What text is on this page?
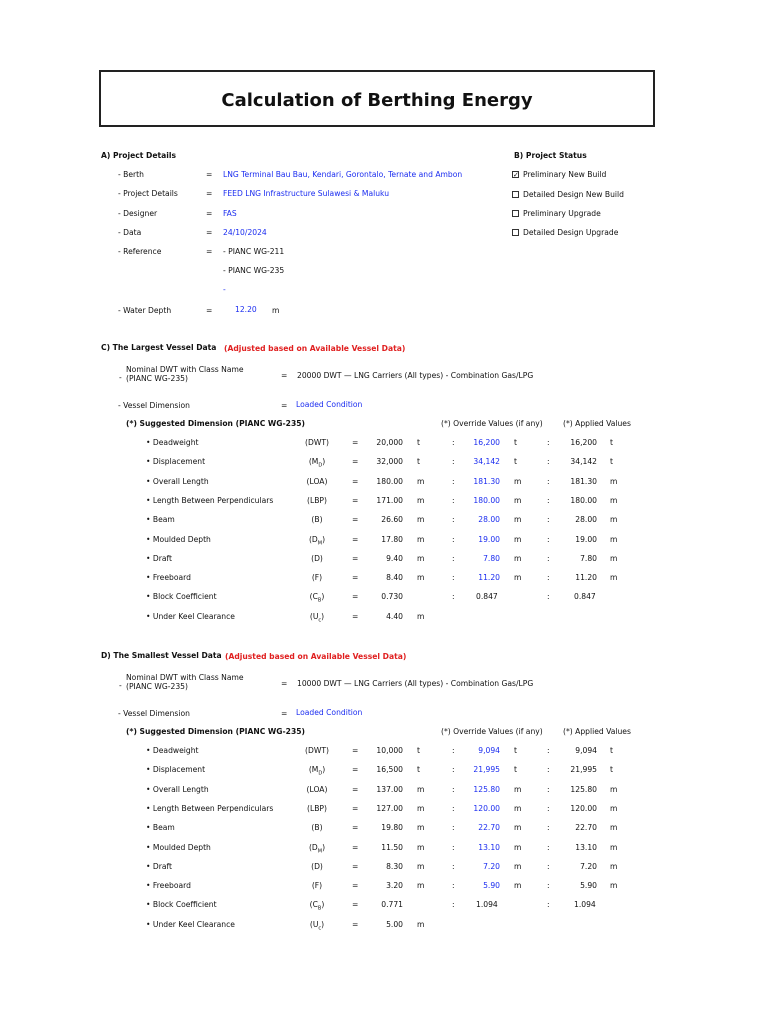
Calculation of Berthing Energy
A) Project Details
- Berth	= LNG Terminal Bau Bau, Kendari, Gorontalo, Ternate and Ambon
- Project Details	= FEED LNG Infrastructure Sulawesi & Maluku
- Designer	= FAS
- Data	= 24/10/2024
- Reference	= - PIANC WG-211
- PIANC WG-235
-
- Water Depth	=	12.20 m
B) Project Status
✓ Preliminary New Build
Detailed Design New Build
Preliminary Upgrade
Detailed Design Upgrade
C) The Largest Vessel Data (Adjusted based on Available Vessel Data)
-
Nominal DWT with Class Name
(PIANC WG-235)	= 20000 DWT — LNG Carriers (All types) - Combination Gas/LPG
- Vessel Dimension	= Loaded Condition
(*) Suggested Dimension (PIANC WG-235)	(*) Override Values (if any)	(*) Applied Values
• Deadweight	(DWT)	=	20,000 t	:	16,200 t	:	16,200 t
• Displacement	$(M_D)$	=	32,000 t	:	34,142 t	:	34,142 t
• Overall Length	(LOA)	=	180.00 m	:	181.30 m	:	181.30 m
• Length Between Perpendiculars	(LBP)	=	171.00 m	:	180.00 m	:	180.00 m
• Beam	(B)	=	26.60 m	:	28.00 m	:	28.00 m
• Moulded Depth	$(D_M)$	=	17.80 m	:	19.00 m	:	19.00 m
• Draft	(D)	=	9.40 m	:	7.80 m	:	7.80 m
• Freeboard	(F)	=	8.40 m	:	11.20 m	:	11.20 m
• Block Coefficient	$(C_B)$	=	0.730	:	0.847	:	0.847
• Under Keel Clearance	$(U_c)$	=	4.40 m
D) The Smallest Vessel Data (Adjusted based on Available Vessel Data)
-
Nominal DWT with Class Name
(PIANC WG-235)	= 10000 DWT — LNG Carriers (All types) - Combination Gas/LPG
- Vessel Dimension	= Loaded Condition
(*) Suggested Dimension (PIANC WG-235)	(*) Override Values (if any)	(*) Applied Values
• Deadweight	(DWT)	=	10,000 t	:	9,094 t	:	9,094 t
• Displacement	$(M_D)$	=	16,500 t	:	21,995 t	:	21,995 t
• Overall Length	(LOA)	=	137.00 m	:	125.80 m	:	125.80 m
• Length Between Perpendiculars	(LBP)	=	127.00 m	:	120.00 m	:	120.00 m
• Beam	(B)	=	19.80 m	:	22.70 m	:	22.70 m
• Moulded Depth	$(D_M)$	=	11.50 m	:	13.10 m	:	13.10 m
• Draft	(D)	=	8.30 m	:	7.20 m	:	7.20 m
• Freeboard	(F)	=	3.20 m	:	5.90 m	:	5.90 m
• Block Coefficient	$(C_B)$	=	0.771	:	1.094	:	1.094
• Under Keel Clearance	$(U_c)$	=	5.00 m
